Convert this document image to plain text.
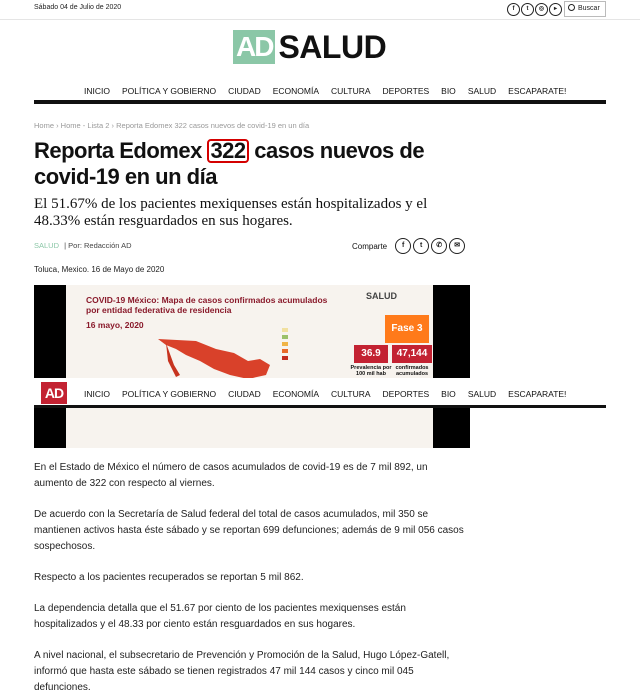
Sábado 04 de Julio de 2020	f	t	◎	▸	Buscar
AD SALUD
INICIO POLÍTICA Y GOBIERNO CIUDAD ECONOMÍA CULTURA DEPORTES BIO SALUD ESCAPARATE!
Home › Home - Lista 2 › Reporta Edomex 322 casos nuevos de covid-19 en un día
Reporta Edomex 322 casos nuevos de covid-19 en un día

El 51.67% de los pacientes mexiquenses están hospitalizados y el 48.33% están resguardados en sus hogares.

SALUD | Por: Redacción AD	Comparte	f	t	✆	✉
Toluca, Mexico. 16 de Mayo de 2020
COVID-19 México: Mapa de casos confirmados acumulados por entidad federativa de residencia
16 mayo, 2020
SALUD
Fase 3
36.9	47,144
Prevalencia por 100 mil hab
confirmados acumulados
AD	INICIO POLÍTICA Y GOBIERNO CIUDAD ECONOMÍA CULTURA DEPORTES BIO SALUD ESCAPARATE!

En el Estado de México el número de casos acumulados de covid-19 es de 7 mil 892, un aumento de 322 con respecto al viernes.

De acuerdo con la Secretaría de Salud federal del total de casos acumulados, mil 350 se mantienen activos hasta éste sábado y se reportan 699 defunciones; además de 9 mil 056 casos sospechosos.

Respecto a los pacientes recuperados se reportan 5 mil 862.

La dependencia detalla que el 51.67 por ciento de los pacientes mexiquenses están hospitalizados y el 48.33 por ciento están resguardados en sus hogares.

A nivel nacional, el subsecretario de Prevención y Promoción de la Salud, Hugo López-Gatell, informó que hasta este sábado se tienen registrados 47 mil 144 casos y cinco mil 045 defunciones.
